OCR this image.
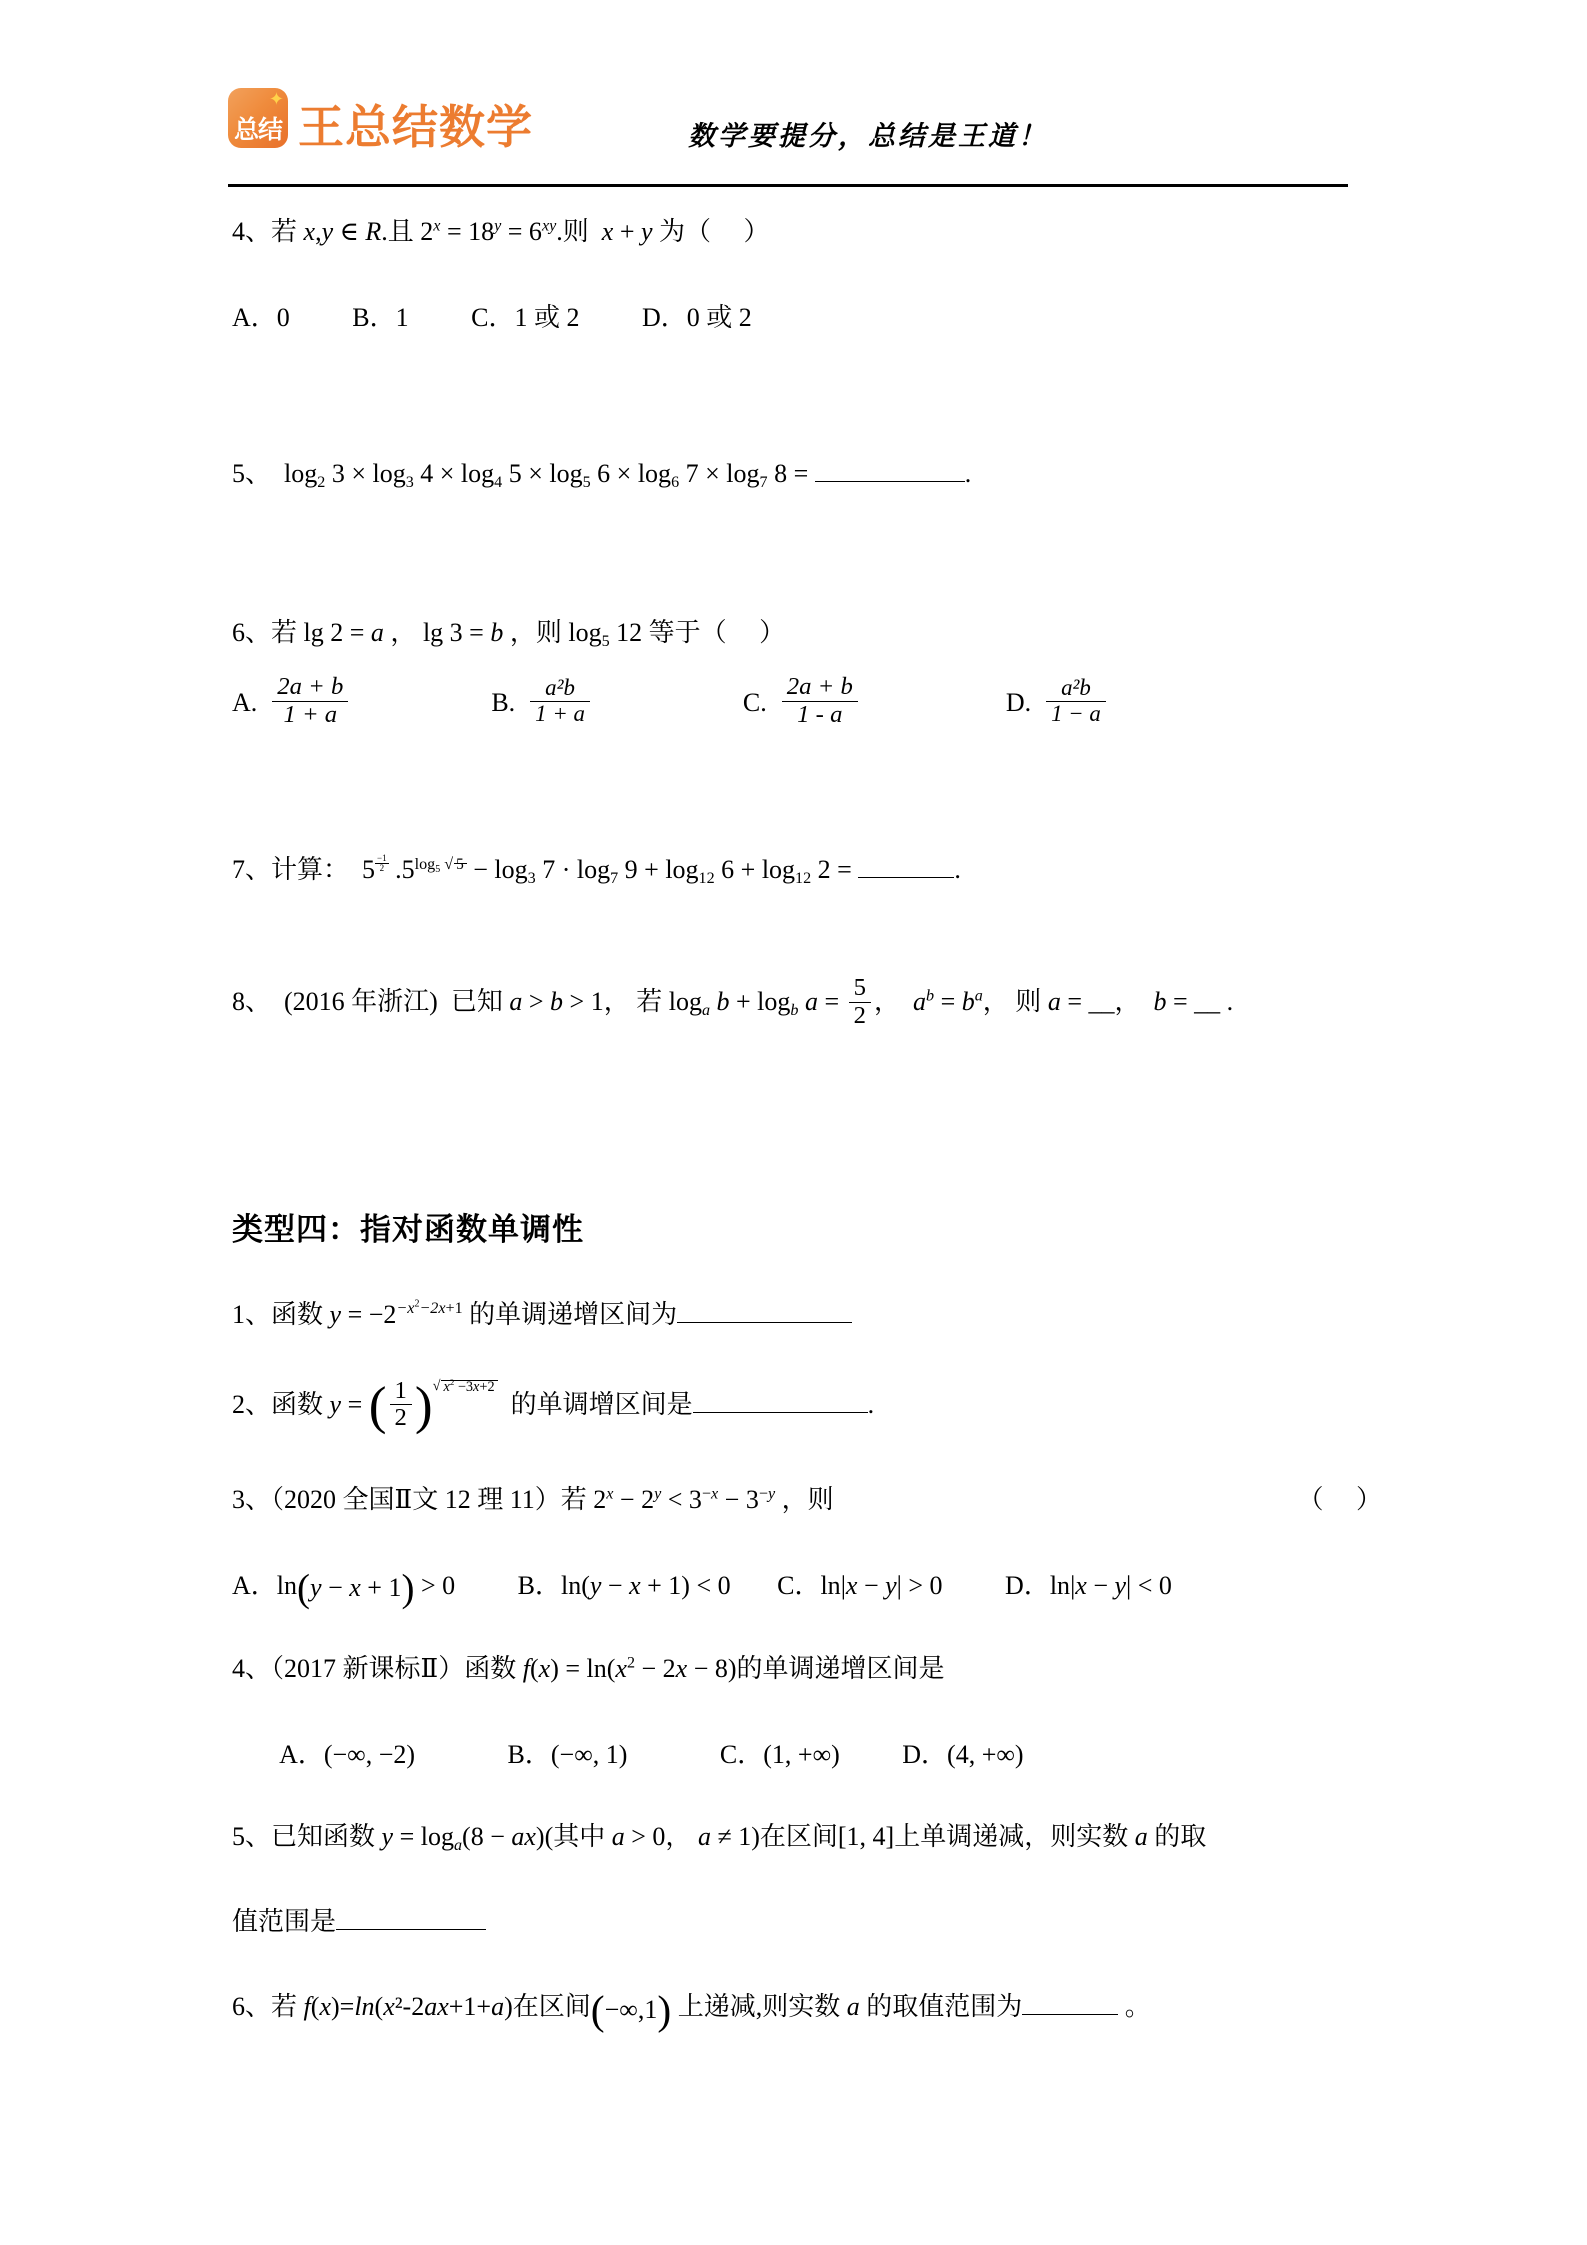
✦
总结 王总结数学	数学要提分，总结是王道！
4、若 x,y ∈ R.且 $2^x = 18^y = 6^{xy}$.则  x + y 为（     ）
A．0 B．1 C．1 或 2 D．0 或 2
5、 $\log_2 3 \times \log_3 4 \times \log_4 5 \times \log_5 6 \times \log_6 7 \times \log_7 8$ =	.
6、若 lg 2 = a ， lg 3 = b ，则 $\log_5 12$ 等于（     ）
A. $\frac{2a + b}{1 + a}$	B. $\frac{\text{a²b}}{1 + a}$	C. $\frac{2a + b}{1 - a}$	D. $\frac{\text{a²b}}{1 - a}$
7、计算：  5 $^{\frac{-1}{2}}$ $.5^{log_5 √ 5} - \log_3 7 \cdot \log_7 9 + \log_{12} 6 + \log_{12} 2$ =	.
8、 (2016 年浙江)  已知 a > b > 1， 若 $\log_a b + \log_b a = \frac{5}{2}$ ，  $a^b = b^a$， 则 a = __，  b = __ .
类型四：指对函数单调性
1、函数 $y = -2^{-x^2-2x+1}$ 的单调递增区间为
2、函数 y = ( $\frac{1}{2} )^{√ x^2 -3x+2}$  的单调增区间是	.
3、（2020 全国Ⅱ文 12 理 11）若 $2^x - 2^y < 3^{-x} - 3^{-y}$ ，则	（     ）
A．ln(y − x + 1) > 0 B．ln(y − x + 1) < 0 C．ln|x − y| > 0 D．ln|x − y| < 0
4、（2017 新课标Ⅱ）函数 $f(x) = \ln(x^2 - 2x - 8)$的单调递增区间是
A．(−∞, −2)	B．(−∞, 1)	C．(1, +∞) D．(4, +∞)
5、已知函数 $y = \log_a(8 - ax)$(其中 a > 0， a ≠ 1)在区间[1, 4]上单调递减，则实数 a 的取
值范围是
6、若 f(x)=ln(x²-2ax+1+a)在区间(−∞,1) 上递减,则实数 a 的取值范围为	。
